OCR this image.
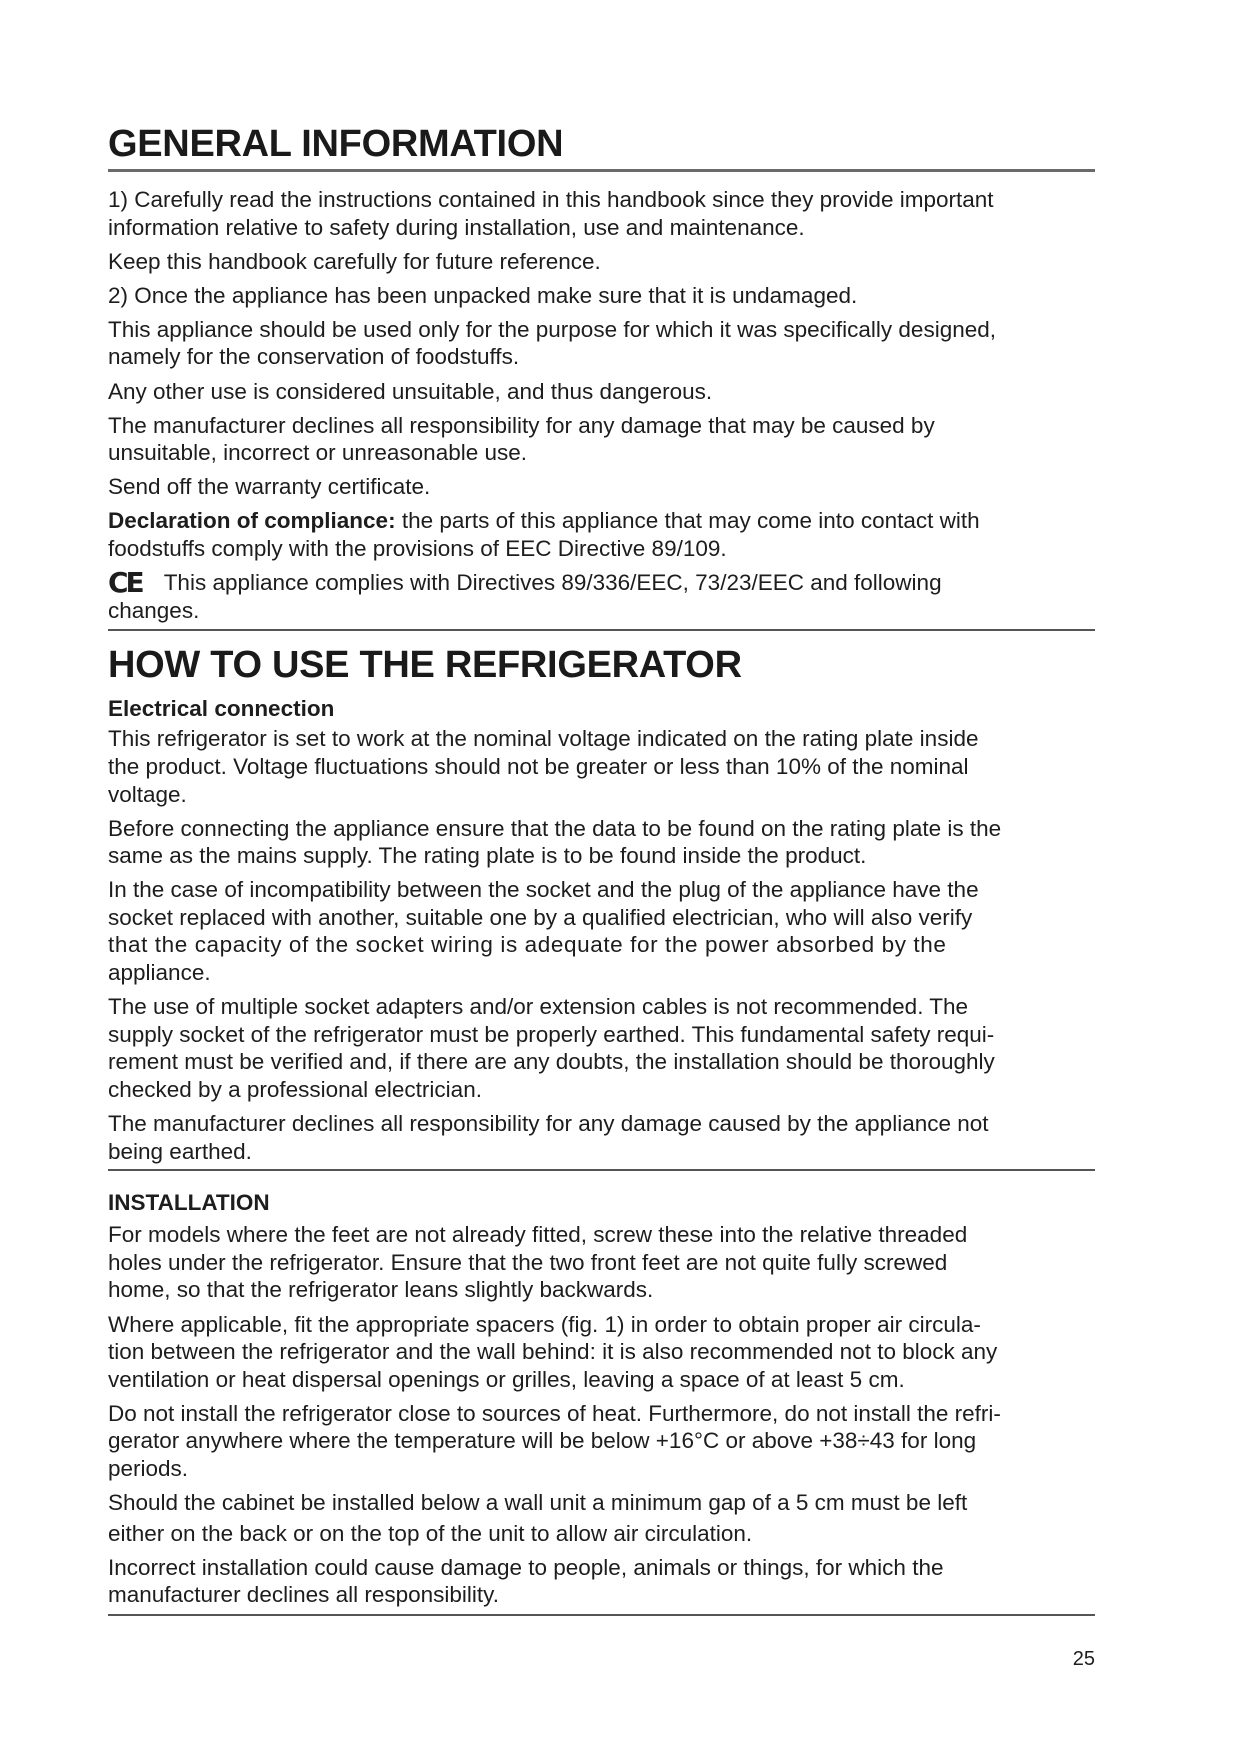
GENERAL INFORMATION
1) Carefully read the instructions contained in this handbook since they provide important
information relative to safety during installation, use and maintenance.
Keep this handbook carefully for future reference.
2) Once the appliance has been unpacked make sure that it is undamaged.
This appliance should be used only for the purpose for which it was specifically designed,
namely for the conservation of foodstuffs.
Any other use is considered unsuitable, and thus dangerous.
The manufacturer declines all responsibility for any damage that may be caused by
unsuitable, incorrect or unreasonable use.
Send off the warranty certificate.
Declaration of compliance: the parts of this appliance that may come into contact with
foodstuffs comply with the provisions of EEC Directive 89/109.
CE This appliance complies with Directives 89/336/EEC, 73/23/EEC and following
changes.
HOW TO USE THE REFRIGERATOR
Electrical connection
This refrigerator is set to work at the nominal voltage indicated on the rating plate inside
the product. Voltage fluctuations should not be greater or less than 10% of the nominal
voltage.
Before connecting the appliance ensure that the data to be found on the rating plate is the
same as the mains supply. The rating plate is to be found inside the product.
In the case of incompatibility between the socket and the plug of the appliance have the
socket replaced with another, suitable one by a qualified electrician, who will also verify
that the capacity of the socket wiring is adequate for the power absorbed by the
appliance.
The use of multiple socket adapters and/or extension cables is not recommended. The
supply socket of the refrigerator must be properly earthed. This fundamental safety requi-
rement must be verified and, if there are any doubts, the installation should be thoroughly
checked by a professional electrician.
The manufacturer declines all responsibility for any damage caused by the appliance not
being earthed.
INSTALLATION
For models where the feet are not already fitted, screw these into the relative threaded
holes under the refrigerator. Ensure that the two front feet are not quite fully screwed
home, so that the refrigerator leans slightly backwards.
Where applicable, fit the appropriate spacers (fig. 1) in order to obtain proper air circula-
tion between the refrigerator and the wall behind: it is also recommended not to block any
ventilation or heat dispersal openings or grilles, leaving a space of at least 5 cm.
Do not install the refrigerator close to sources of heat. Furthermore, do not install the refri-
gerator anywhere where the temperature will be below +16°C or above +38÷43 for long
periods.
Should the cabinet be installed below a wall unit a minimum gap of a 5 cm must be left
either on the back or on the top of the unit to allow air circulation.
Incorrect installation could cause damage to people, animals or things, for which the
manufacturer declines all responsibility.
25
